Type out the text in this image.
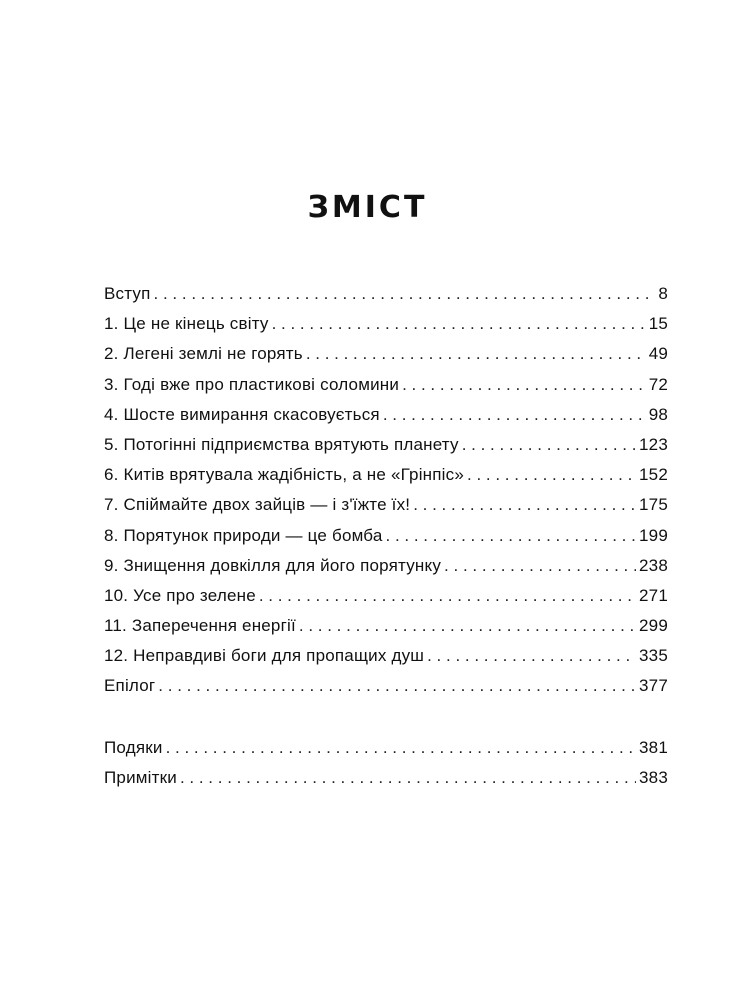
ЗМІСТ
Вступ . . .	8
1. Це не кінець світу . . .	15
2. Легені землі не горять . . .	49
3. Годі вже про пластикові соломини . . .	72
4. Шосте вимирання скасовується . . .	98
5. Потогінні підприємства врятують планету . . .	123
6. Китів врятувала жадібність, а не «Грінпіс» . . .	152
7. Спіймайте двох зайців — і з'їжте їх! . . .	175
8. Порятунок природи — це бомба . . .	199
9. Знищення довкілля для його порятунку . . .	238
10. Усе про зелене . . .	271
11. Заперечення енергії . . .	299
12. Неправдиві боги для пропащих душ . . .	335
Епілог . . .	377
Подяки . . .	381
Примітки . . .	383
